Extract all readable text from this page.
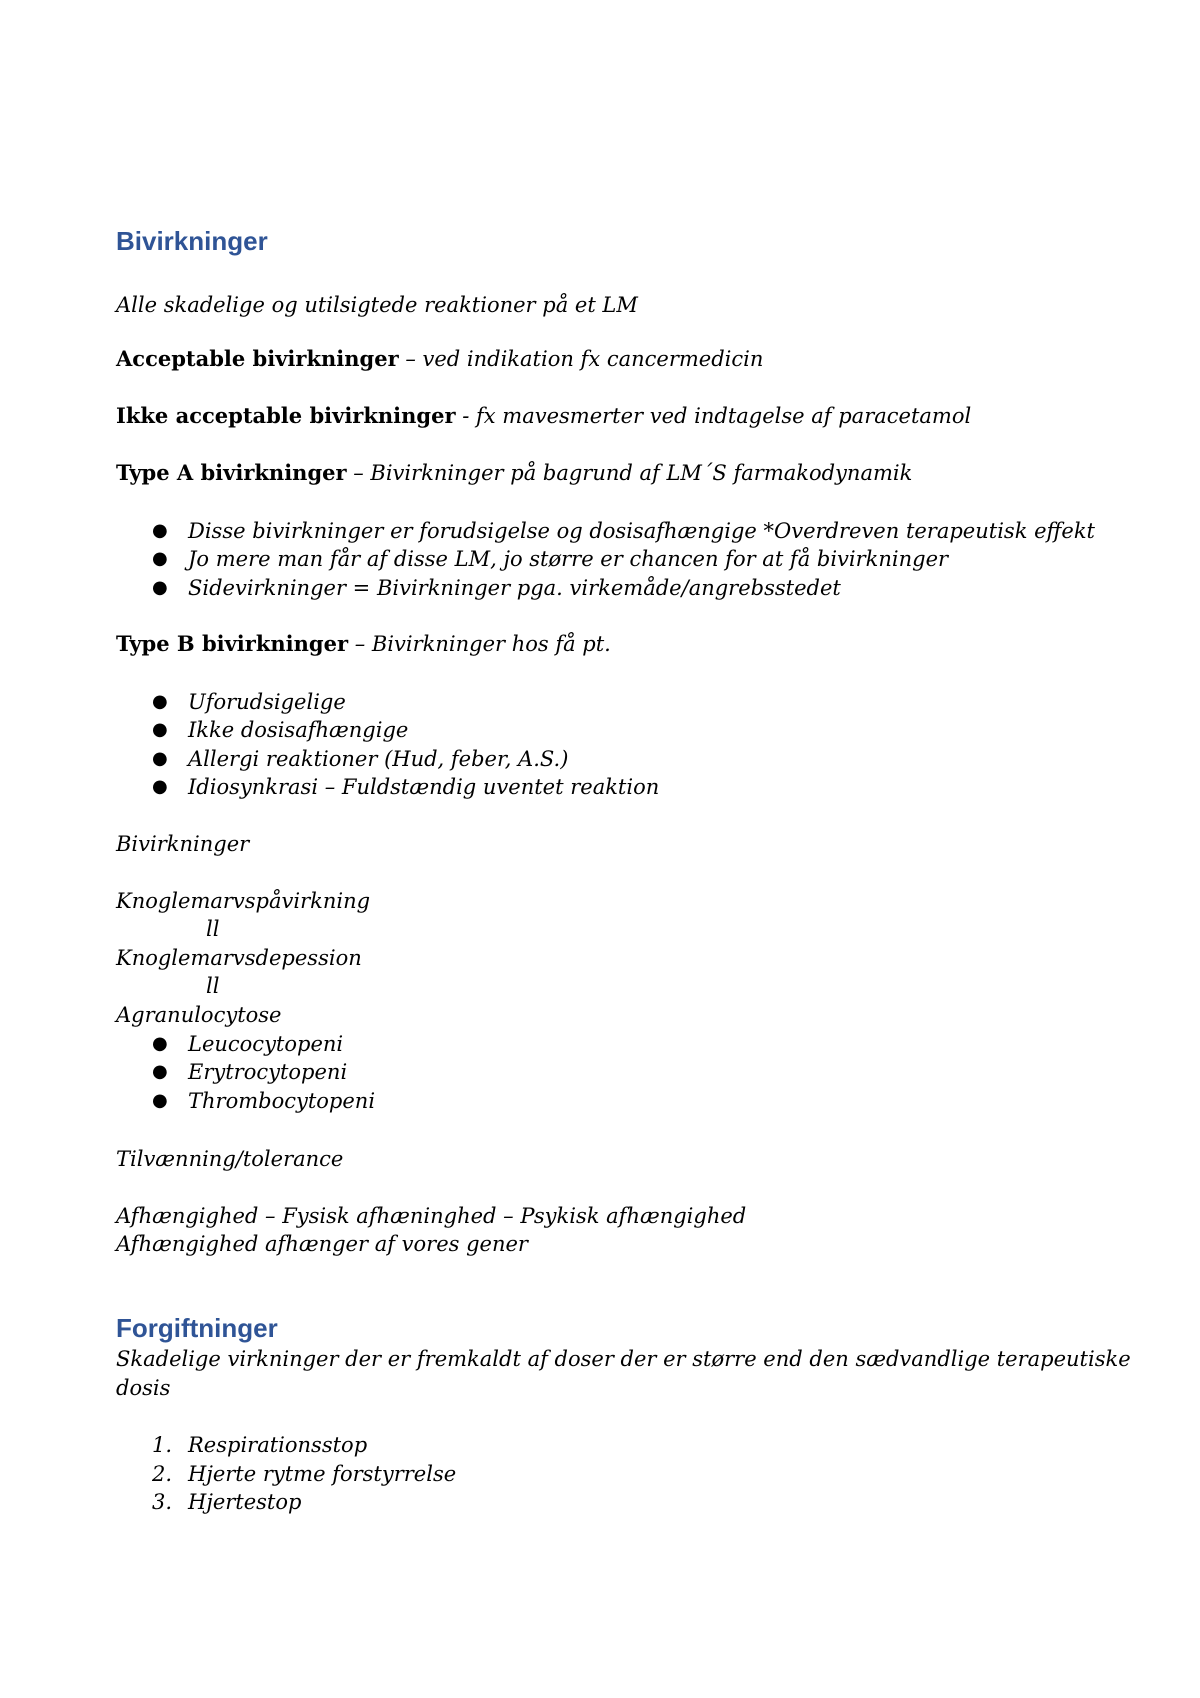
Bivirkninger
Alle skadelige og utilsigtede reaktioner på et LM
Acceptable bivirkninger – ved indikation fx cancermedicin
Ikke acceptable bivirkninger - fx mavesmerter ved indtagelse af paracetamol
Type A bivirkninger – Bivirkninger på bagrund af LM´S farmakodynamik
● Disse bivirkninger er forudsigelse og dosisafhængige *Overdreven terapeutisk effekt
● Jo mere man får af disse LM, jo større er chancen for at få bivirkninger
● Sidevirkninger = Bivirkninger pga. virkemåde/angrebsstedet
Type B bivirkninger – Bivirkninger hos få pt.
● Uforudsigelige
● Ikke dosisafhængige
● Allergi reaktioner (Hud, feber, A.S.)
● Idiosynkrasi – Fuldstændig uventet reaktion
Bivirkninger
Knoglemarvspåvirkning
ll
Knoglemarvsdepession
ll
Agranulocytose
● Leucocytopeni
● Erytrocytopeni
● Thrombocytopeni
Tilvænning/tolerance
Afhængighed – Fysisk afhæninghed – Psykisk afhængighed
Afhængighed afhænger af vores gener
Forgiftninger
Skadelige virkninger der er fremkaldt af doser der er større end den sædvandlige terapeutiske
dosis
1. Respirationsstop
2. Hjerte rytme forstyrrelse
3. Hjertestop
